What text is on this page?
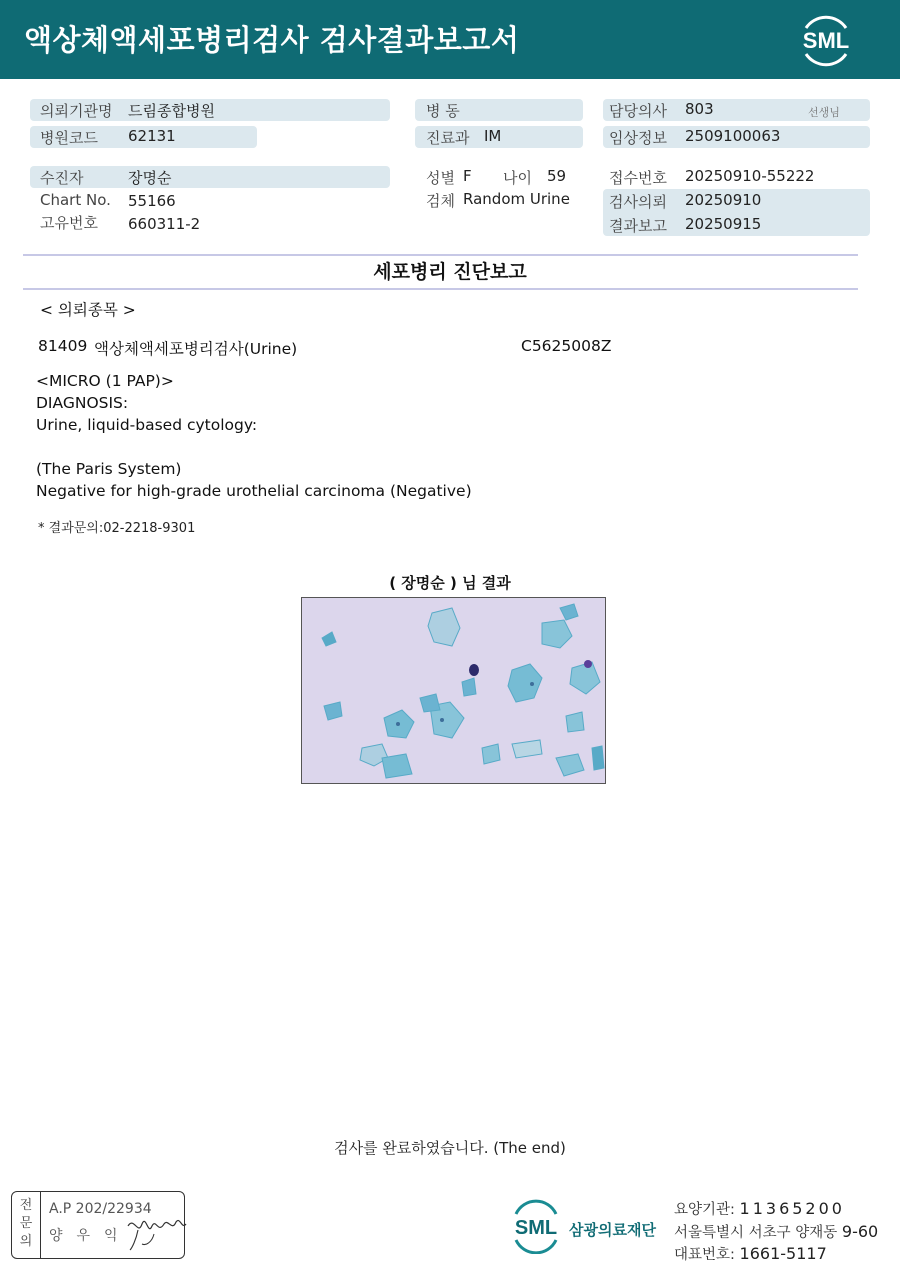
액상체액세포병리검사 검사결과보고서	SML
의뢰기관명 드림종합병원
병원코드 62131
병 동
진료과 IM
담당의사 803	선생님
임상정보 2509100063
수진자	장명순
Chart No. 55166
고유번호 660311-2
성별 F 나이 59
검체 Random Urine
접수번호 20250910-55222
검사의뢰 20250910
결과보고 20250915
세포병리 진단보고
< 의뢰종목 >
81409 액상체액세포병리검사(Urine)	C5625008Z
<MICRO (1 PAP)>
DIAGNOSIS:
Urine, liquid-based cytology:
(The Paris System)
Negative for high-grade urothelial carcinoma (Negative)
* 결과문의:02-2218-9301
( 장명순 ) 님 결과
검사를 완료하였습니다. (The end)
전
문
의
A.P 202/22934
양우익	SML 삼광의료재단
요양기관: 11365200
서울특별시 서초구 양재동 9-60
대표번호: 1661-5117
